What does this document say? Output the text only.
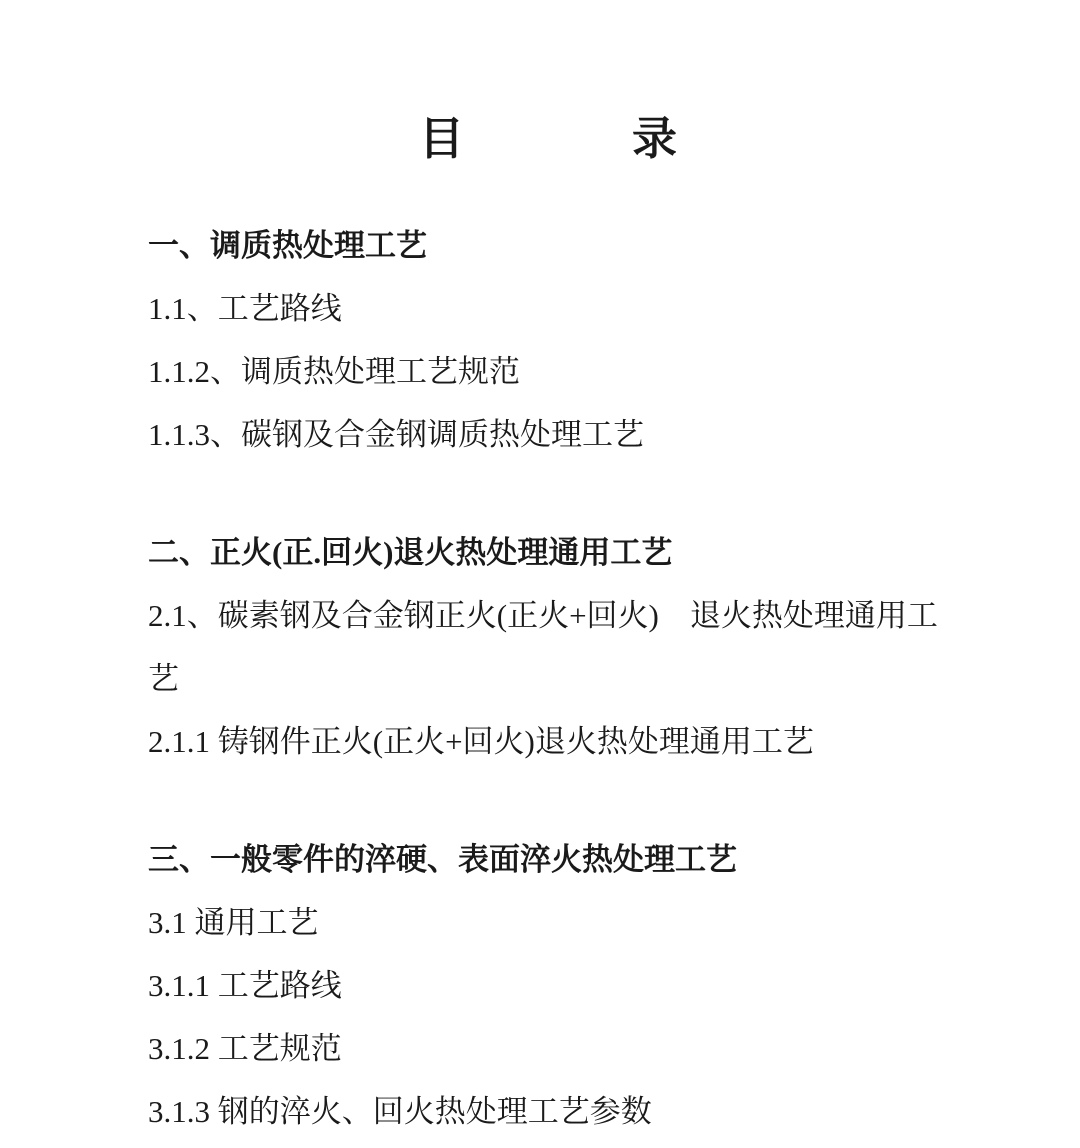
目	录
一、调质热处理工艺
1.1、工艺路线
1.1.2、调质热处理工艺规范
1.1.3、碳钢及合金钢调质热处理工艺
二、正火(正.回火)退火热处理通用工艺
2.1、碳素钢及合金钢正火(正火+回火)　退火热处理通用工艺
2.1.1 铸钢件正火(正火+回火)退火热处理通用工艺
三、一般零件的淬硬、表面淬火热处理工艺
3.1 通用工艺
3.1.1 工艺路线
3.1.2 工艺规范
3.1.3 钢的淬火、回火热处理工艺参数
